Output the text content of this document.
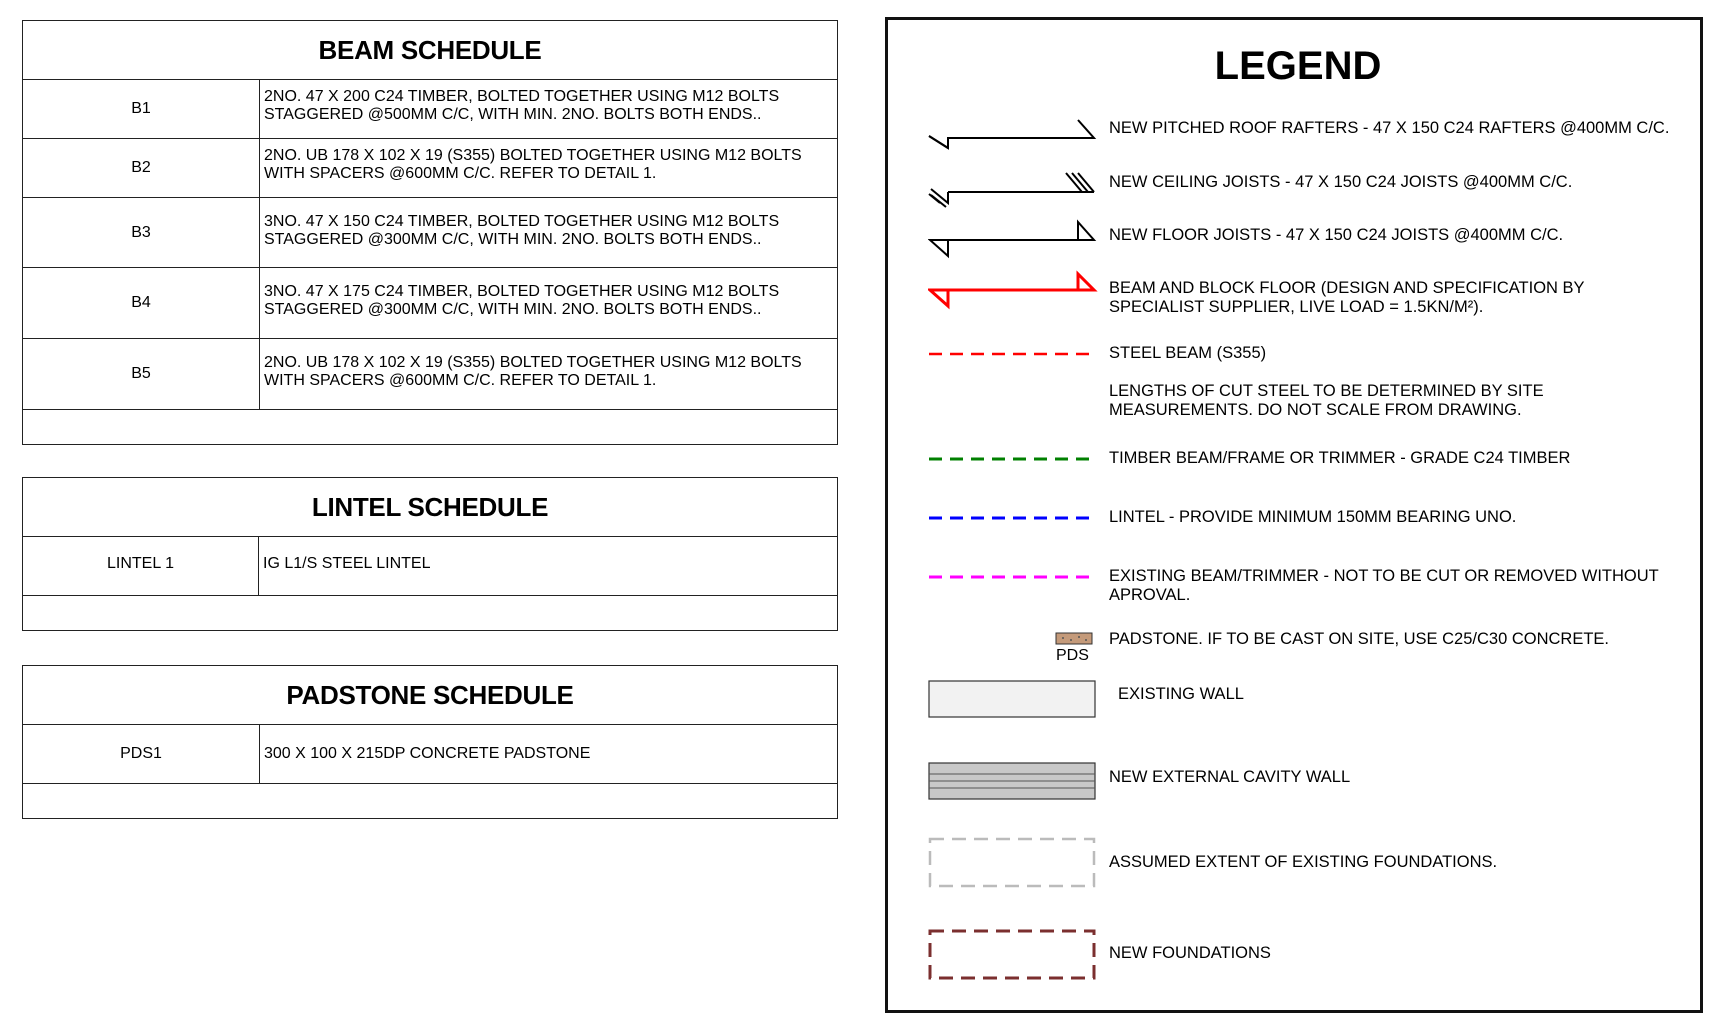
BEAM SCHEDULE
B1
2NO. 47 X 200 C24 TIMBER, BOLTED TOGETHER USING M12 BOLTS
STAGGERED @500MM C/C, WITH MIN. 2NO. BOLTS BOTH ENDS..
B2
2NO. UB 178 X 102 X 19 (S355) BOLTED TOGETHER USING M12 BOLTS
WITH SPACERS @600MM C/C. REFER TO DETAIL 1.
B3
3NO. 47 X 150 C24 TIMBER, BOLTED TOGETHER USING M12 BOLTS
STAGGERED @300MM C/C, WITH MIN. 2NO. BOLTS BOTH ENDS..
B4
3NO. 47 X 175 C24 TIMBER, BOLTED TOGETHER USING M12 BOLTS
STAGGERED @300MM C/C, WITH MIN. 2NO. BOLTS BOTH ENDS..
B5
2NO. UB 178 X 102 X 19 (S355) BOLTED TOGETHER USING M12 BOLTS
WITH SPACERS @600MM C/C. REFER TO DETAIL 1.
LINTEL SCHEDULE
LINTEL 1	IG L1/S STEEL LINTEL
PADSTONE SCHEDULE
PDS1	300 X 100 X 215DP CONCRETE PADSTONE
LEGEND
PDS
NEW PITCHED ROOF RAFTERS - 47 X 150 C24 RAFTERS @400MM C/C.
NEW CEILING JOISTS - 47 X 150 C24 JOISTS @400MM C/C.
NEW FLOOR JOISTS - 47 X 150 C24 JOISTS @400MM C/C.
BEAM AND BLOCK FLOOR (DESIGN AND SPECIFICATION BY
SPECIALIST SUPPLIER, LIVE LOAD = 1.5KN/M²).
STEEL BEAM (S355)
LENGTHS OF CUT STEEL TO BE DETERMINED BY SITE
MEASUREMENTS. DO NOT SCALE FROM DRAWING.
TIMBER BEAM/FRAME OR TRIMMER - GRADE C24 TIMBER
LINTEL - PROVIDE MINIMUM 150MM BEARING UNO.
EXISTING BEAM/TRIMMER - NOT TO BE CUT OR REMOVED WITHOUT
APROVAL.
PADSTONE. IF TO BE CAST ON SITE, USE C25/C30 CONCRETE.
EXISTING WALL
NEW EXTERNAL CAVITY WALL
ASSUMED EXTENT OF EXISTING FOUNDATIONS.
NEW FOUNDATIONS
